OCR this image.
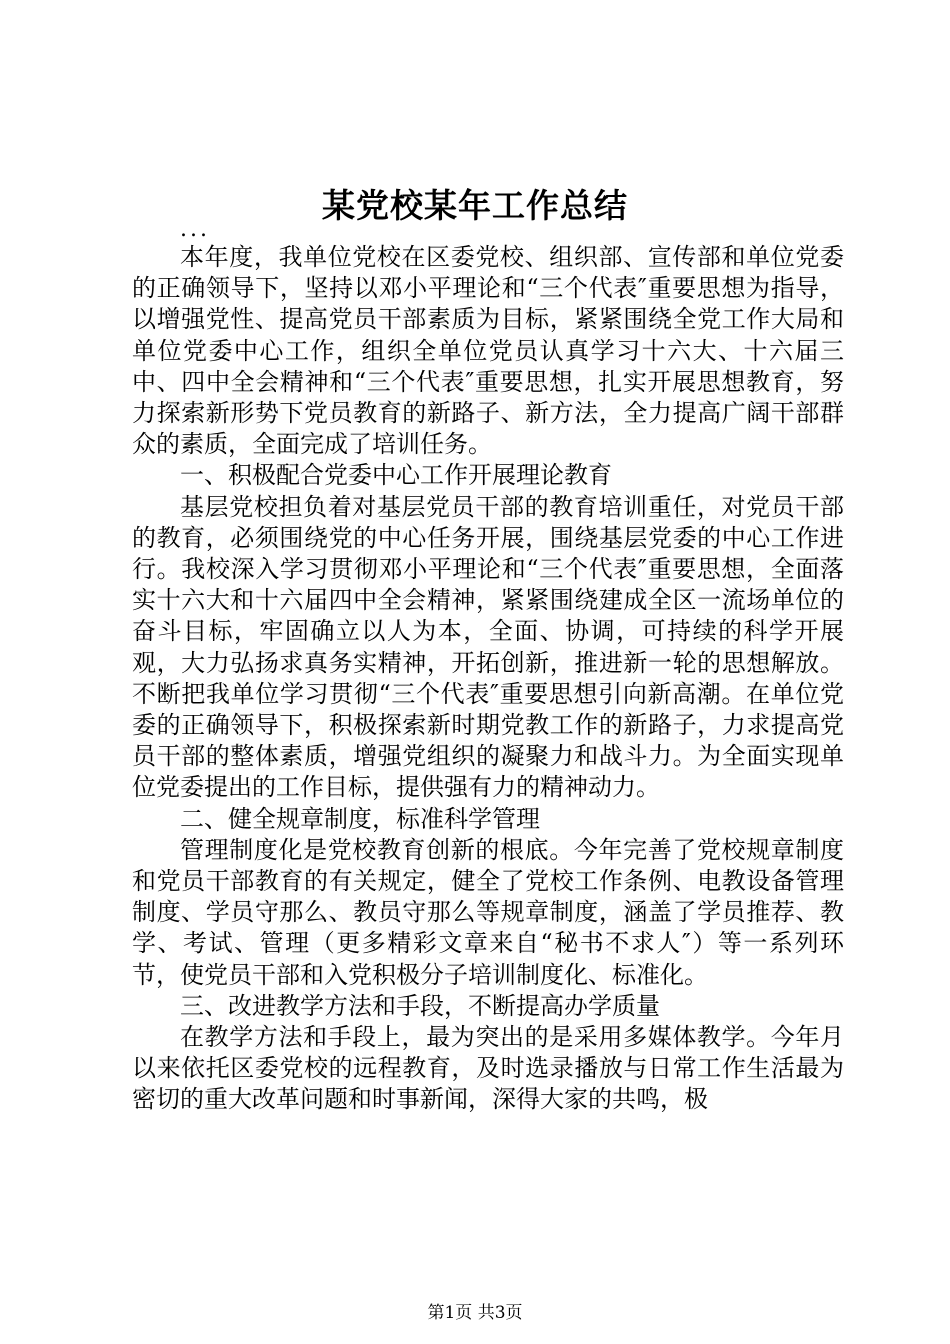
某党校某年工作总结
...

本年度，我单位党校在区委党校、组织部、宣传部和单位党委的正确领导下，坚持以邓小平理论和“三个代表″重要思想为指导，以增强党性、提高党员干部素质为目标，紧紧围绕全党工作大局和单位党委中心工作，组织全单位党员认真学习十六大、十六届三中、四中全会精神和“三个代表″重要思想，扎实开展思想教育，努力探索新形势下党员教育的新路子、新方法，全力提高广阔干部群众的素质，全面完成了培训任务。

一、积极配合党委中心工作开展理论教育

基层党校担负着对基层党员干部的教育培训重任，对党员干部的教育，必须围绕党的中心任务开展，围绕基层党委的中心工作进行。我校深入学习贯彻邓小平理论和“三个代表″重要思想，全面落实十六大和十六届四中全会精神，紧紧围绕建成全区一流场单位的奋斗目标，牢固确立以人为本，全面、协调，可持续的科学开展观，大力弘扬求真务实精神，开拓创新，推进新一轮的思想解放。不断把我单位学习贯彻“三个代表″重要思想引向新高潮。在单位党委的正确领导下，积极探索新时期党教工作的新路子，力求提高党员干部的整体素质，增强党组织的凝聚力和战斗力。为全面实现单位党委提出的工作目标，提供强有力的精神动力。

二、健全规章制度，标准科学管理

管理制度化是党校教育创新的根底。今年完善了党校规章制度和党员干部教育的有关规定，健全了党校工作条例、电教设备管理制度、学员守那么、教员守那么等规章制度，涵盖了学员推荐、教学、考试、管理（更多精彩文章来自“秘书不求人″）等一系列环节，使党员干部和入党积极分子培训制度化、标准化。

三、改进教学方法和手段，不断提高办学质量

在教学方法和手段上，最为突出的是采用多媒体教学。今年月以来依托区委党校的远程教育，及时选录播放与日常工作生活最为密切的重大改革问题和时事新闻，深得大家的共鸣，极

第1页 共3页
